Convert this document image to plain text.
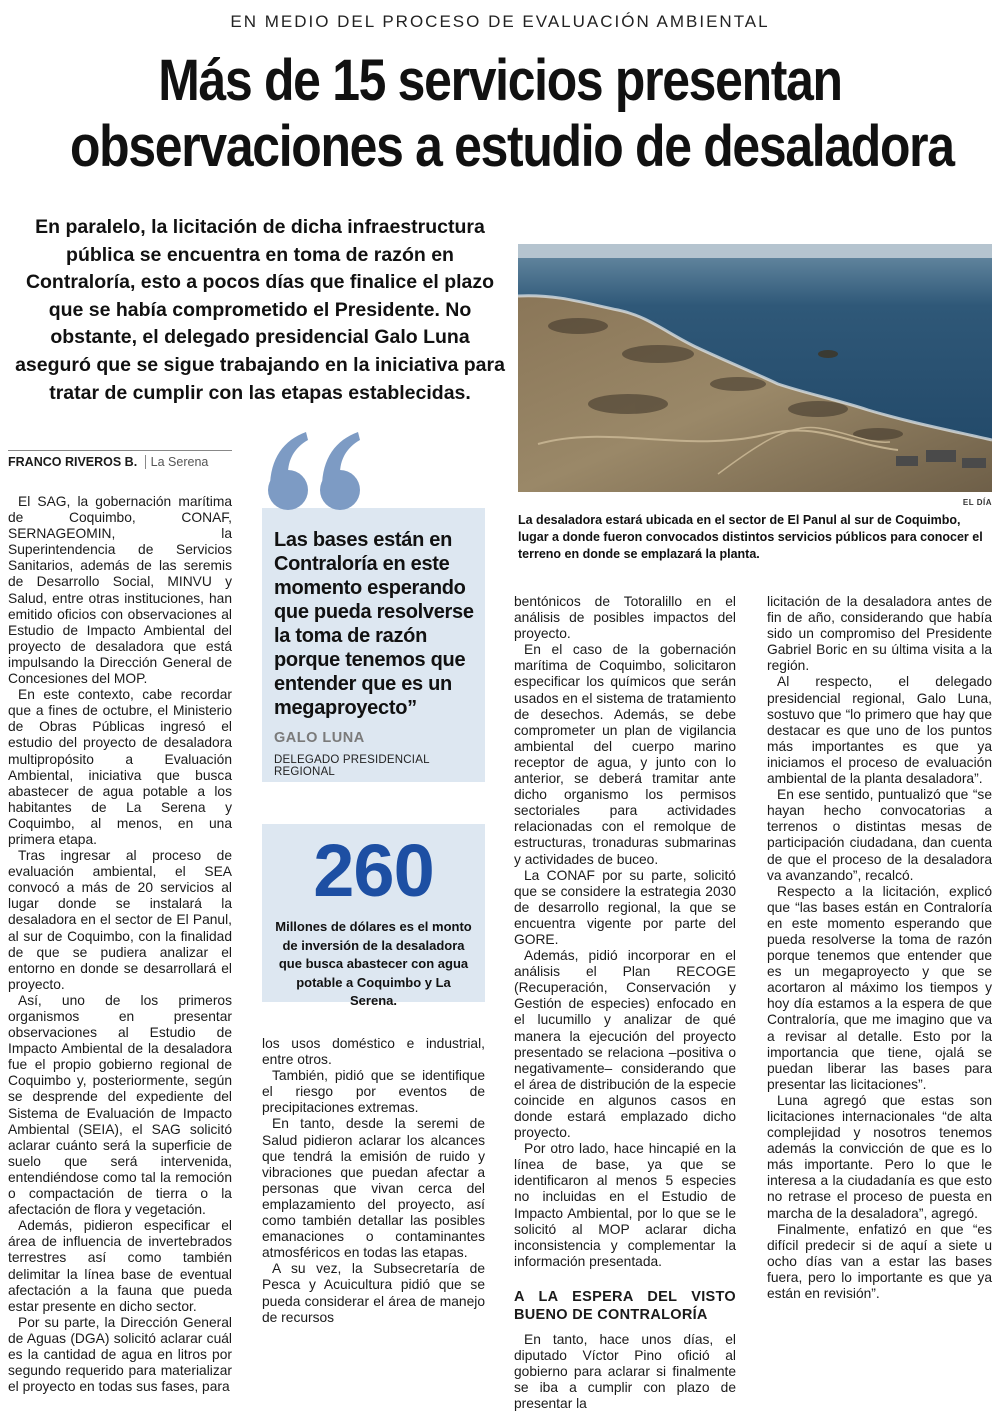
EN MEDIO DEL PROCESO DE EVALUACIÓN AMBIENTAL
Más de 15 servicios presentan
observaciones a estudio de desaladora
En paralelo, la licitación de dicha infraestructura pública se encuentra en toma de razón en Contraloría, esto a pocos días que finalice el plazo que se había comprometido el Presidente. No obstante, el delegado presidencial Galo Luna aseguró que se sigue trabajando en la iniciativa para tratar de cumplir con las etapas establecidas.
EL DÍA
La desaladora estará ubicada en el sector de El Panul al sur de Coquimbo, lugar a donde fueron convocados distintos servicios públicos para conocer el terreno en donde se emplazará la planta.
FRANCO RIVEROS B. La Serena

El SAG, la gobernación marítima de Coquimbo, CONAF, SERNAGEOMIN, la Superintendencia de Servicios Sanitarios, además de las seremis de Desarrollo Social, MINVU y Salud, entre otras instituciones, han emitido oficios con observaciones al Estudio de Impacto Ambiental del proyecto de desaladora que está impulsando la Dirección General de Concesiones del MOP.

En este contexto, cabe recordar que a fines de octubre, el Ministerio de Obras Públicas ingresó el estudio del proyecto de desaladora multipropósito a Evaluación Ambiental, iniciativa que busca abastecer de agua potable a los habitantes de La Serena y Coquimbo, al menos, en una primera etapa.

Tras ingresar al proceso de evaluación ambiental, el SEA convocó a más de 20 servicios al lugar donde se instalará la desaladora en el sector de El Panul, al sur de Coquimbo, con la finalidad de que se pudiera analizar el entorno en donde se desarrollará el proyecto.

Así, uno de los primeros organismos en presentar observaciones al Estudio de Impacto Ambiental de la desaladora fue el propio gobierno regional de Coquimbo y, posteriormente, según se desprende del expediente del Sistema de Evaluación de Impacto Ambiental (SEIA), el SAG solicitó aclarar cuánto será la superficie de suelo que será intervenida, entendiéndose como tal la remoción o compactación de tierra o la afectación de flora y vegetación.

Además, pidieron especificar el área de influencia de invertebrados terrestres así como también delimitar la línea base de eventual afectación a la fauna que pueda estar presente en dicho sector.

Por su parte, la Dirección General de Aguas (DGA) solicitó aclarar cuál es la cantidad de agua en litros por segundo requerido para materializar el proyecto en todas sus fases, para

Las bases están en Contraloría en este momento esperando que pueda resolverse la toma de razón porque tenemos que entender que es un megaproyecto”
GALO LUNA
DELEGADO PRESIDENCIAL REGIONAL
260
Millones de dólares es el monto de inversión de la desaladora que busca abastecer con agua potable a Coquimbo y La Serena.

los usos doméstico e industrial, entre otros.

También, pidió que se identifique el riesgo por eventos de precipitaciones extremas.

En tanto, desde la seremi de Salud pidieron aclarar los alcances que tendrá la emisión de ruido y vibraciones que puedan afectar a personas que vivan cerca del emplazamiento del proyecto, así como también detallar las posibles emanaciones o contaminantes atmosféricos en todas las etapas.

A su vez, la Subsecretaría de Pesca y Acuicultura pidió que se pueda considerar el área de manejo de recursos

bentónicos de Totoralillo en el análisis de posibles impactos del proyecto.

En el caso de la gobernación marítima de Coquimbo, solicitaron especificar los químicos que serán usados en el sistema de tratamiento de desechos. Además, se debe comprometer un plan de vigilancia ambiental del cuerpo marino receptor de agua, y junto con lo anterior, se deberá tramitar ante dicho organismo los permisos sectoriales para actividades relacionadas con el remolque de estructuras, tronaduras submarinas y actividades de buceo.

La CONAF por su parte, solicitó que se considere la estrategia 2030 de desarrollo regional, la que se encuentra vigente por parte del GORE.

Además, pidió incorporar en el análisis el Plan RECOGE (Recuperación, Conservación y Gestión de especies) enfocado en el lucumillo y analizar de qué manera la ejecución del proyecto presentado se relaciona –positiva o negativamente– considerando que el área de distribución de la especie coincide en algunos casos en donde estará emplazado dicho proyecto.

Por otro lado, hace hincapié en la línea de base, ya que se identificaron al menos 5 especies no incluidas en el Estudio de Impacto Ambiental, por lo que se le solicitó al MOP aclarar dicha inconsistencia y complementar la información presentada.

A LA ESPERA DEL VISTO BUENO DE CONTRALORÍA

En tanto, hace unos días, el diputado Víctor Pino ofició al gobierno para aclarar si finalmente se iba a cumplir con plazo de presentar la

licitación de la desaladora antes de fin de año, considerando que había sido un compromiso del Presidente Gabriel Boric en su última visita a la región.

Al respecto, el delegado presidencial regional, Galo Luna, sostuvo que “lo primero que hay que destacar es que uno de los puntos más importantes es que ya iniciamos el proceso de evaluación ambiental de la planta desaladora”.

En ese sentido, puntualizó que “se hayan hecho convocatorias a terrenos o distintas mesas de participación ciudadana, dan cuenta de que el proceso de la desaladora va avanzando”, recalcó.

Respecto a la licitación, explicó que “las bases están en Contraloría en este momento esperando que pueda resolverse la toma de razón porque tenemos que entender que es un megaproyecto y que se acortaron al máximo los tiempos y hoy día estamos a la espera de que Contraloría, que me imagino que va a revisar al detalle. Esto por la importancia que tiene, ojalá se puedan liberar las bases para presentar las licitaciones”.

Luna agregó que estas son licitaciones internacionales “de alta complejidad y nosotros tenemos además la convicción de que es lo más importante. Pero lo que le interesa a la ciudadanía es que esto no retrase el proceso de puesta en marcha de la desaladora”, agregó.

Finalmente, enfatizó en que “es difícil predecir si de aquí a siete u ocho días van a estar las bases fuera, pero lo importante es que ya están en revisión”.
